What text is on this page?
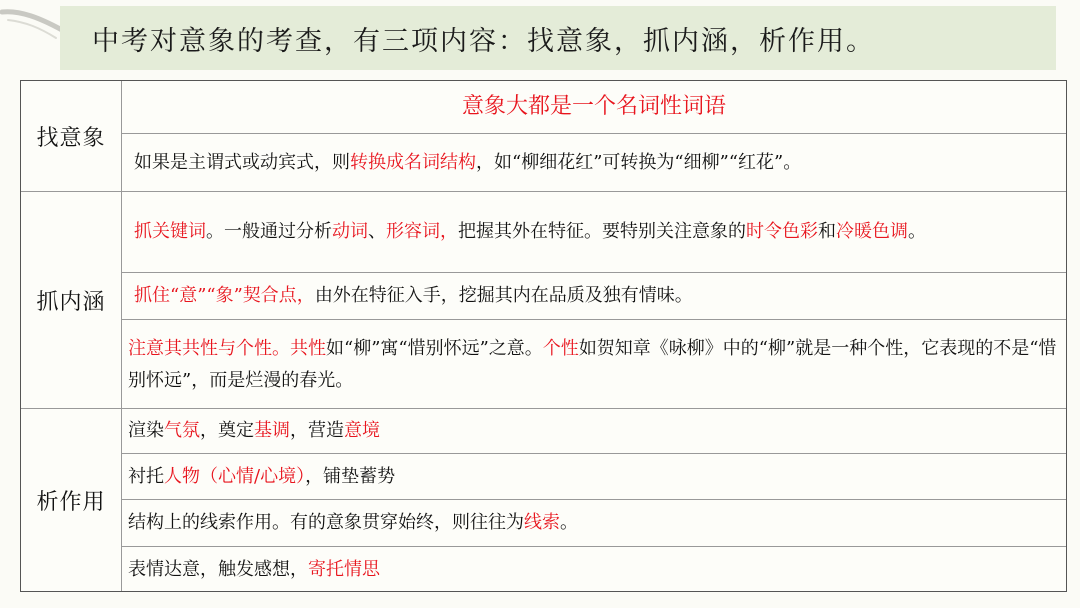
中考对意象的考查，有三项内容：找意象，抓内涵，析作用。
找意象
意象大都是一个名词性词语
如果是主谓式或动宾式，则转换成名词结构，如“柳细花红”可转换为“细柳”“红花”。
抓内涵
抓关键词。一般通过分析动词、形容词，把握其外在特征。要特别关注意象的时令色彩和冷暖色调。
抓住“意”“象”契合点，由外在特征入手，挖掘其内在品质及独有情味。
注意其共性与个性。共性如“柳”寓“惜别怀远”之意。个性如贺知章《咏柳》中的“柳”就是一种个性，它表现的不是“惜别怀远”，而是烂漫的春光。
析作用
渲染气氛，奠定基调，营造意境
衬托人物（心情/心境），铺垫蓄势
结构上的线索作用。有的意象贯穿始终，则往往为线索。
表情达意，触发感想，寄托情思
